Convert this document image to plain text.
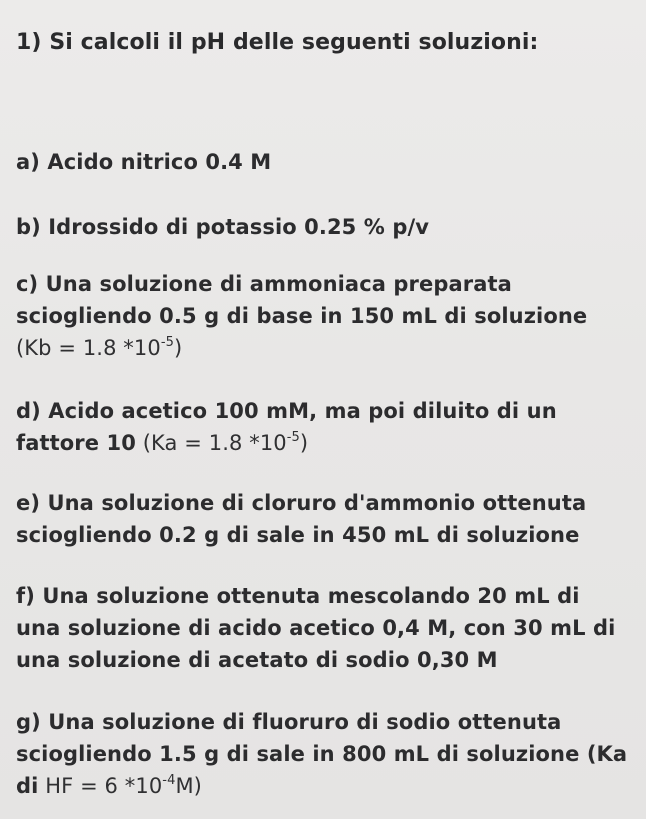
1) Si calcoli il pH delle seguenti soluzioni:
a) Acido nitrico 0.4 M
b) Idrossido di potassio 0.25 % p/v
c) Una soluzione di ammoniaca preparata
sciogliendo 0.5 g di base in 150 mL di soluzione
(Kb = 1.8 $*10^{-5}$)
d) Acido acetico 100 mM, ma poi diluito di un
fattore 10 (Ka = 1.8 $*10^{-5}$)
e) Una soluzione di cloruro d'ammonio ottenuta
sciogliendo 0.2 g di sale in 450 mL di soluzione
f) Una soluzione ottenuta mescolando 20 mL di
una soluzione di acido acetico 0,4 M, con 30 mL di
una soluzione di acetato di sodio 0,30 M
g) Una soluzione di fluoruro di sodio ottenuta
sciogliendo 1.5 g di sale in 800 mL di soluzione (Ka
di HF = 6 $*10^{-4}M$)
